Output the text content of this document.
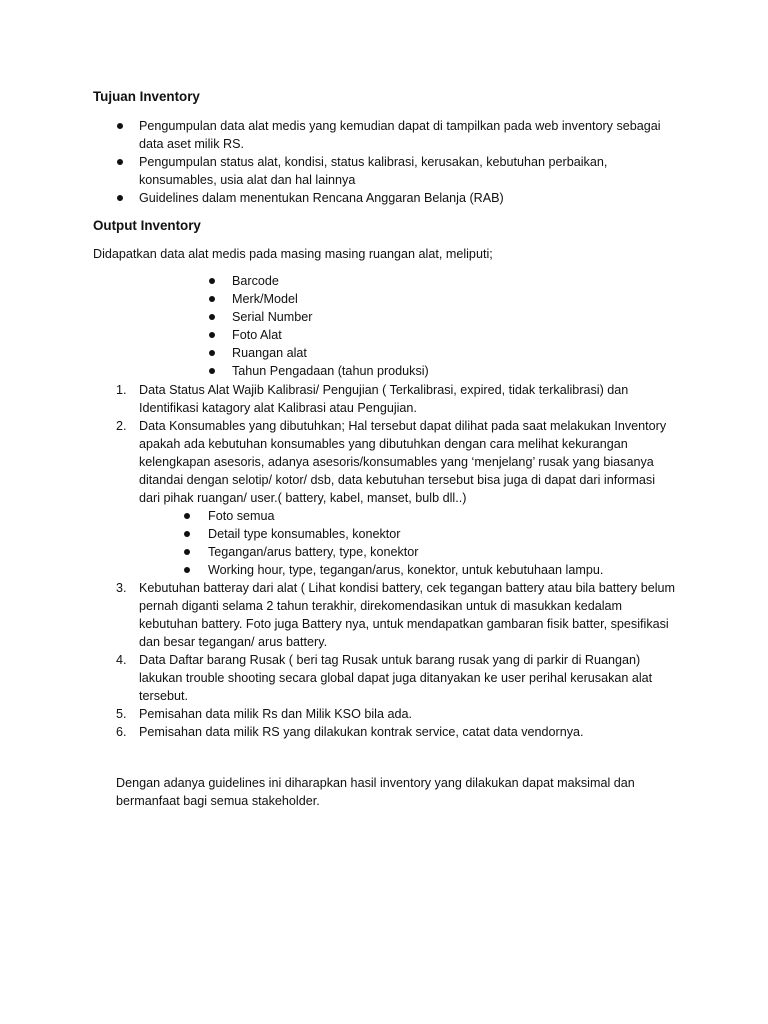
Tujuan Inventory
Pengumpulan data alat medis yang kemudian dapat di tampilkan pada web inventory sebagai data aset milik RS.
Pengumpulan status alat, kondisi, status kalibrasi, kerusakan, kebutuhan perbaikan, konsumables, usia alat dan hal lainnya
Guidelines dalam menentukan Rencana Anggaran Belanja (RAB)
Output Inventory
Didapatkan data alat medis pada masing masing ruangan alat, meliputi;
Barcode
Merk/Model
Serial Number
Foto Alat
Ruangan alat
Tahun Pengadaan (tahun produksi)
1. Data Status Alat Wajib Kalibrasi/ Pengujian ( Terkalibrasi, expired, tidak terkalibrasi) dan Identifikasi katagory alat Kalibrasi atau Pengujian.
2. Data Konsumables yang dibutuhkan; Hal tersebut dapat dilihat pada saat melakukan Inventory apakah ada kebutuhan konsumables yang dibutuhkan dengan cara melihat kekurangan kelengkapan asesoris, adanya asesoris/konsumables yang ‘menjelang’ rusak yang biasanya ditandai dengan selotip/ kotor/ dsb, data kebutuhan tersebut bisa juga di dapat dari informasi dari pihak ruangan/ user.( battery, kabel, manset, bulb dll..)
Foto semua
Detail type konsumables, konektor
Tegangan/arus battery, type, konektor
Working hour, type, tegangan/arus, konektor, untuk kebutuhaan lampu.
3. Kebutuhan batteray dari alat ( Lihat kondisi battery, cek tegangan battery atau bila battery belum pernah diganti selama 2 tahun terakhir, direkomendasikan untuk di masukkan kedalam kebutuhan battery. Foto juga Battery nya, untuk mendapatkan gambaran fisik batter, spesifikasi dan besar tegangan/ arus battery.
4. Data Daftar barang Rusak ( beri tag Rusak untuk barang rusak yang di parkir di Ruangan) lakukan trouble shooting secara global dapat juga ditanyakan ke user perihal kerusakan alat tersebut.
5. Pemisahan data milik Rs dan Milik KSO bila ada.
6. Pemisahan data milik RS yang dilakukan kontrak service, catat data vendornya.
Dengan adanya guidelines ini diharapkan hasil inventory yang dilakukan dapat maksimal dan bermanfaat bagi semua stakeholder.
